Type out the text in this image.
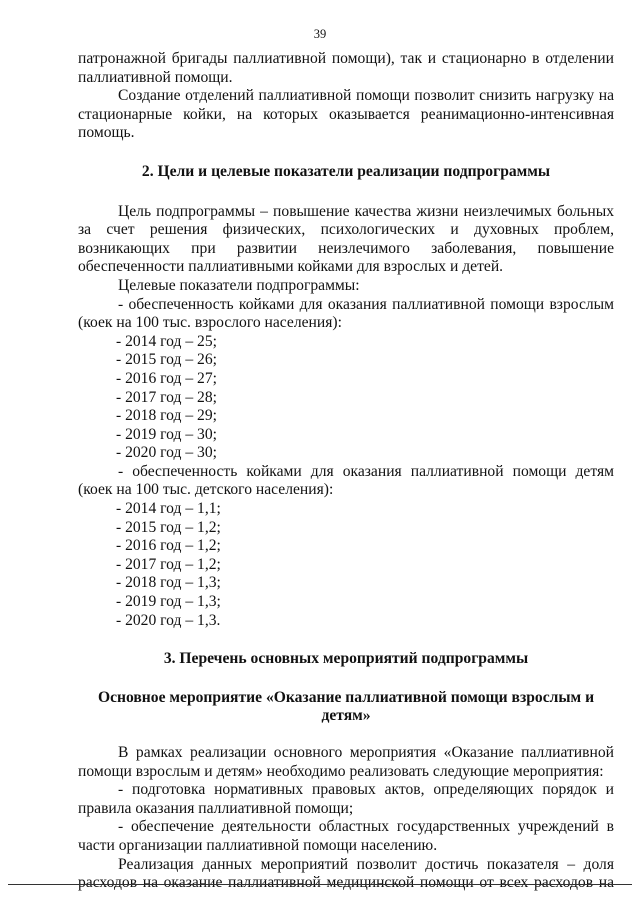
39

патронажной бригады паллиативной помощи), так и стационарно в отделении паллиативной помощи.

Создание отделений паллиативной помощи позволит снизить нагрузку на стационарные койки, на которых оказывается реанимационно-интенсивная помощь.

2. Цели и целевые показатели реализации подпрограммы

Цель подпрограммы – повышение качества жизни неизлечимых больных за счет решения физических, психологических и духовных проблем, возникающих при развитии неизлечимого заболевания, повышение обеспеченности паллиативными койками для взрослых и детей.

Целевые показатели подпрограммы:

- обеспеченность койками для оказания паллиативной помощи взрослым (коек на 100 тыс. взрослого населения):

- 2014 год – 25;
- 2015 год – 26;
- 2016 год – 27;
- 2017 год – 28;
- 2018 год – 29;
- 2019 год – 30;
- 2020 год – 30;

- обеспеченность койками для оказания паллиативной помощи детям (коек на 100 тыс. детского населения):

- 2014 год – 1,1;
- 2015 год – 1,2;
- 2016 год – 1,2;
- 2017 год – 1,2;
- 2018 год – 1,3;
- 2019 год – 1,3;
- 2020 год – 1,3.

3. Перечень основных мероприятий подпрограммы

Основное мероприятие «Оказание паллиативной помощи взрослым и детям»

В рамках реализации основного мероприятия «Оказание паллиативной помощи взрослым и детям» необходимо реализовать следующие мероприятия:

- подготовка нормативных правовых актов, определяющих порядок и правила оказания паллиативной помощи;

- обеспечение деятельности областных государственных учреждений в части организации паллиативной помощи населению.

Реализация данных мероприятий позволит достичь показателя – доля расходов на оказание паллиативной медицинской помощи от всех расходов на
